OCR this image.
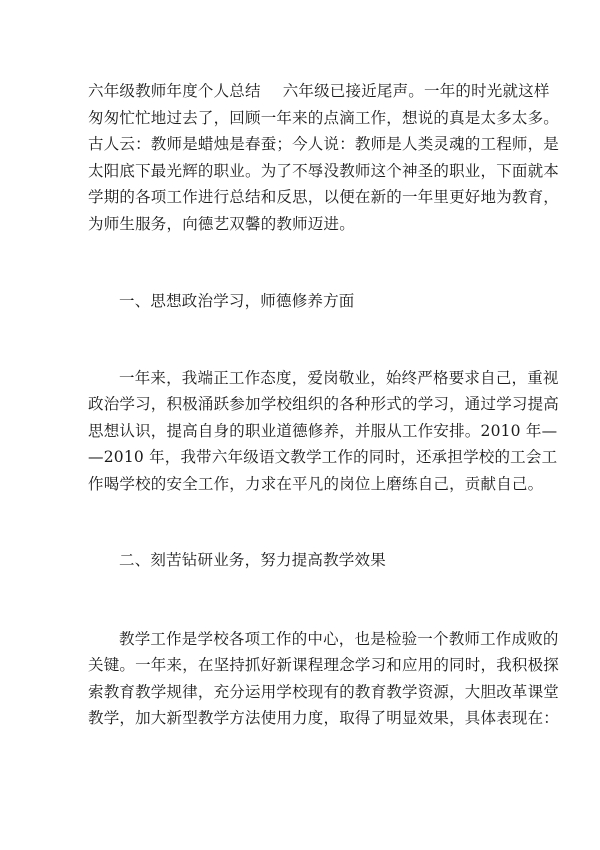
六年级教师年度个人总结 六年级已接近尾声。一年的时光就这样
匆匆忙忙地过去了，回顾一年来的点滴工作，想说的真是太多太多。
古人云：教师是蜡烛是春蚕；今人说：教师是人类灵魂的工程师，是
太阳底下最光辉的职业。为了不辱没教师这个神圣的职业，下面就本
学期的各项工作进行总结和反思，以便在新的一年里更好地为教育，
为师生服务，向德艺双馨的教师迈进。
一、思想政治学习，师德修养方面
一年来，我端正工作态度，爱岗敬业，始终严格要求自己，重视
政治学习，积极涌跃参加学校组织的各种形式的学习，通过学习提高
思想认识，提高自身的职业道德修养，并服从工作安排。2010 年—
—2010 年，我带六年级语文教学工作的同时，还承担学校的工会工
作喝学校的安全工作，力求在平凡的岗位上磨练自己，贡献自己。
二、刻苦钻研业务，努力提高教学效果
教学工作是学校各项工作的中心，也是检验一个教师工作成败的
关键。一年来，在坚持抓好新课程理念学习和应用的同时，我积极探
索教育教学规律，充分运用学校现有的教育教学资源，大胆改革课堂
教学，加大新型教学方法使用力度，取得了明显效果，具体表现在：
